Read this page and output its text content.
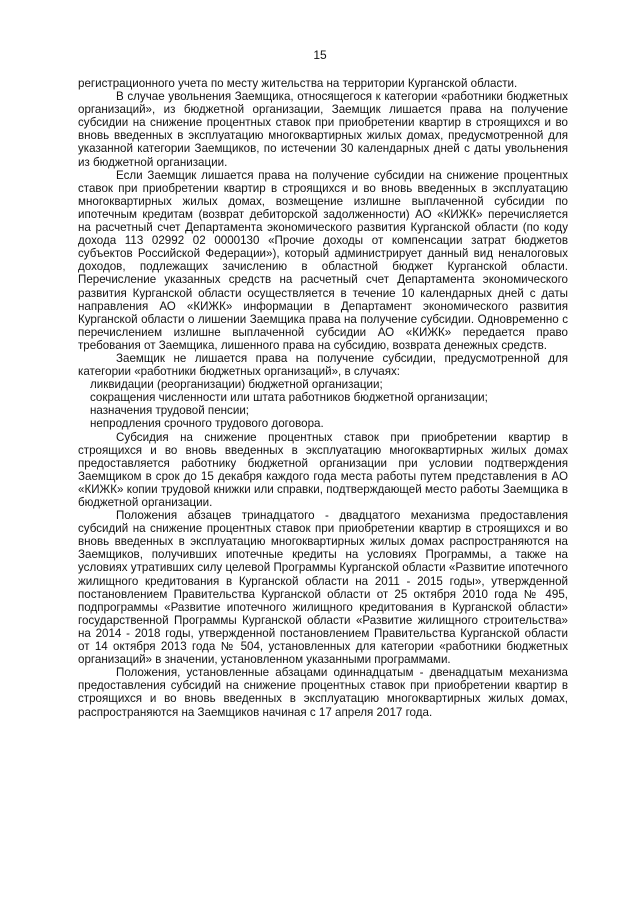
15

регистрационного учета по месту жительства на территории Курганской области.

В случае увольнения Заемщика, относящегося к категории «работники бюджетных организаций», из бюджетной организации, Заемщик лишается права на получение субсидии на снижение процентных ставок при приобретении квартир в строящихся и во вновь введенных в эксплуатацию многоквартирных жилых домах, предусмотренной для указанной категории Заемщиков, по истечении 30 календарных дней с даты увольнения из бюджетной организации.

Если Заемщик лишается права на получение субсидии на снижение процентных ставок при приобретении квартир в строящихся и во вновь введенных в эксплуатацию многоквартирных жилых домах, возмещение излишне выплаченной субсидии по ипотечным кредитам (возврат дебиторской задолженности) АО «КИЖК» перечисляется на расчетный счет Департамента экономического развития Курганской области (по коду дохода 113 02992 02 0000130 «Прочие доходы от компенсации затрат бюджетов субъектов Российской Федерации»), который администрирует данный вид неналоговых доходов, подлежащих зачислению в областной бюджет Курганской области. Перечисление указанных средств на расчетный счет Департамента экономического развития Курганской области осуществляется в течение 10 календарных дней с даты направления АО «КИЖК» информации в Департамент экономического развития Курганской области о лишении Заемщика права на получение субсидии. Одновременно с перечислением излишне выплаченной субсидии АО «КИЖК» передается право требования от Заемщика, лишенного права на субсидию, возврата денежных средств.

Заемщик не лишается права на получение субсидии, предусмотренной для категории «работники бюджетных организаций», в случаях:

ликвидации (реорганизации) бюджетной организации;

сокращения численности или штата работников бюджетной организации;

назначения трудовой пенсии;

непродления срочного трудового договора.

Субсидия на снижение процентных ставок при приобретении квартир в строящихся и во вновь введенных в эксплуатацию многоквартирных жилых домах предоставляется работнику бюджетной организации при условии подтверждения Заемщиком в срок до 15 декабря каждого года места работы путем представления в АО «КИЖК» копии трудовой книжки или справки, подтверждающей место работы Заемщика в бюджетной организации.

Положения абзацев тринадцатого - двадцатого механизма предоставления субсидий на снижение процентных ставок при приобретении квартир в строящихся и во вновь введенных в эксплуатацию многоквартирных жилых домах распространяются на Заемщиков, получивших ипотечные кредиты на условиях Программы, а также на условиях утративших силу целевой Программы Курганской области «Развитие ипотечного жилищного кредитования в Курганской области на 2011 - 2015 годы», утвержденной постановлением Правительства Курганской области от 25 октября 2010 года № 495, подпрограммы «Развитие ипотечного жилищного кредитования в Курганской области» государственной Программы Курганской области «Развитие жилищного строительства» на 2014 - 2018 годы, утвержденной постановлением Правительства Курганской области от 14 октября 2013 года № 504, установленных для категории «работники бюджетных организаций» в значении, установленном указанными программами.

Положения, установленные абзацами одиннадцатым - двенадцатым механизма предоставления субсидий на снижение процентных ставок при приобретении квартир в строящихся и во вновь введенных в эксплуатацию многоквартирных жилых домах, распространяются на Заемщиков начиная с 17 апреля 2017 года.
